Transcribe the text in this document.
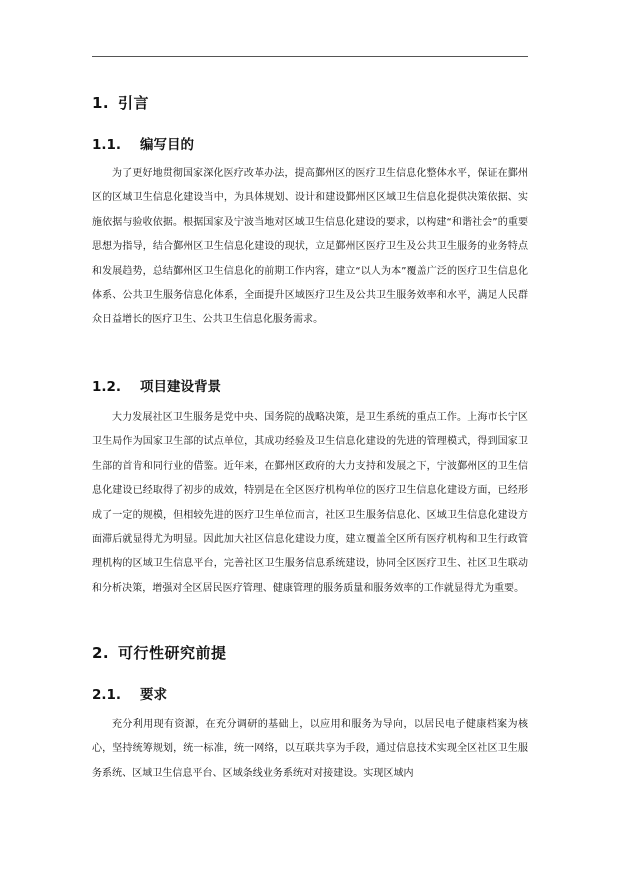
1. 引言
1.1. 编写目的

为了更好地贯彻国家深化医疗改革办法，提高鄞州区的医疗卫生信息化整体水平，保证在鄞州区的区域卫生信息化建设当中，为具体规划、设计和建设鄞州区区域卫生信息化提供决策依据、实施依据与验收依据。根据国家及宁波当地对区域卫生信息化建设的要求，以构建“和谐社会”的重要思想为指导，结合鄞州区卫生信息化建设的现状，立足鄞州区医疗卫生及公共卫生服务的业务特点和发展趋势，总结鄞州区卫生信息化的前期工作内容，建立“以人为本”覆盖广泛的医疗卫生信息化体系、公共卫生服务信息化体系，全面提升区域医疗卫生及公共卫生服务效率和水平，满足人民群众日益增长的医疗卫生、公共卫生信息化服务需求。

1.2. 项目建设背景

大力发展社区卫生服务是党中央、国务院的战略决策，是卫生系统的重点工作。上海市长宁区卫生局作为国家卫生部的试点单位，其成功经验及卫生信息化建设的先进的管理模式，得到国家卫生部的首肯和同行业的借鉴。近年来，在鄞州区政府的大力支持和发展之下，宁波鄞州区的卫生信息化建设已经取得了初步的成效，特别是在全区医疗机构单位的医疗卫生信息化建设方面，已经形成了一定的规模，但相较先进的医疗卫生单位而言，社区卫生服务信息化、区域卫生信息化建设方面滞后就显得尤为明显。因此加大社区信息化建设力度，建立覆盖全区所有医疗机构和卫生行政管理机构的区域卫生信息平台，完善社区卫生服务信息系统建设，协同全区医疗卫生、社区卫生联动和分析决策，增强对全区居民医疗管理、健康管理的服务质量和服务效率的工作就显得尤为重要。

2. 可行性研究前提
2.1. 要求

充分利用现有资源，在充分调研的基础上，以应用和服务为导向，以居民电子健康档案为核心，坚持统筹规划，统一标准，统一网络，以互联共享为手段，通过信息技术实现全区社区卫生服务系统、区域卫生信息平台、区域条线业务系统对对接建设。实现区域内
